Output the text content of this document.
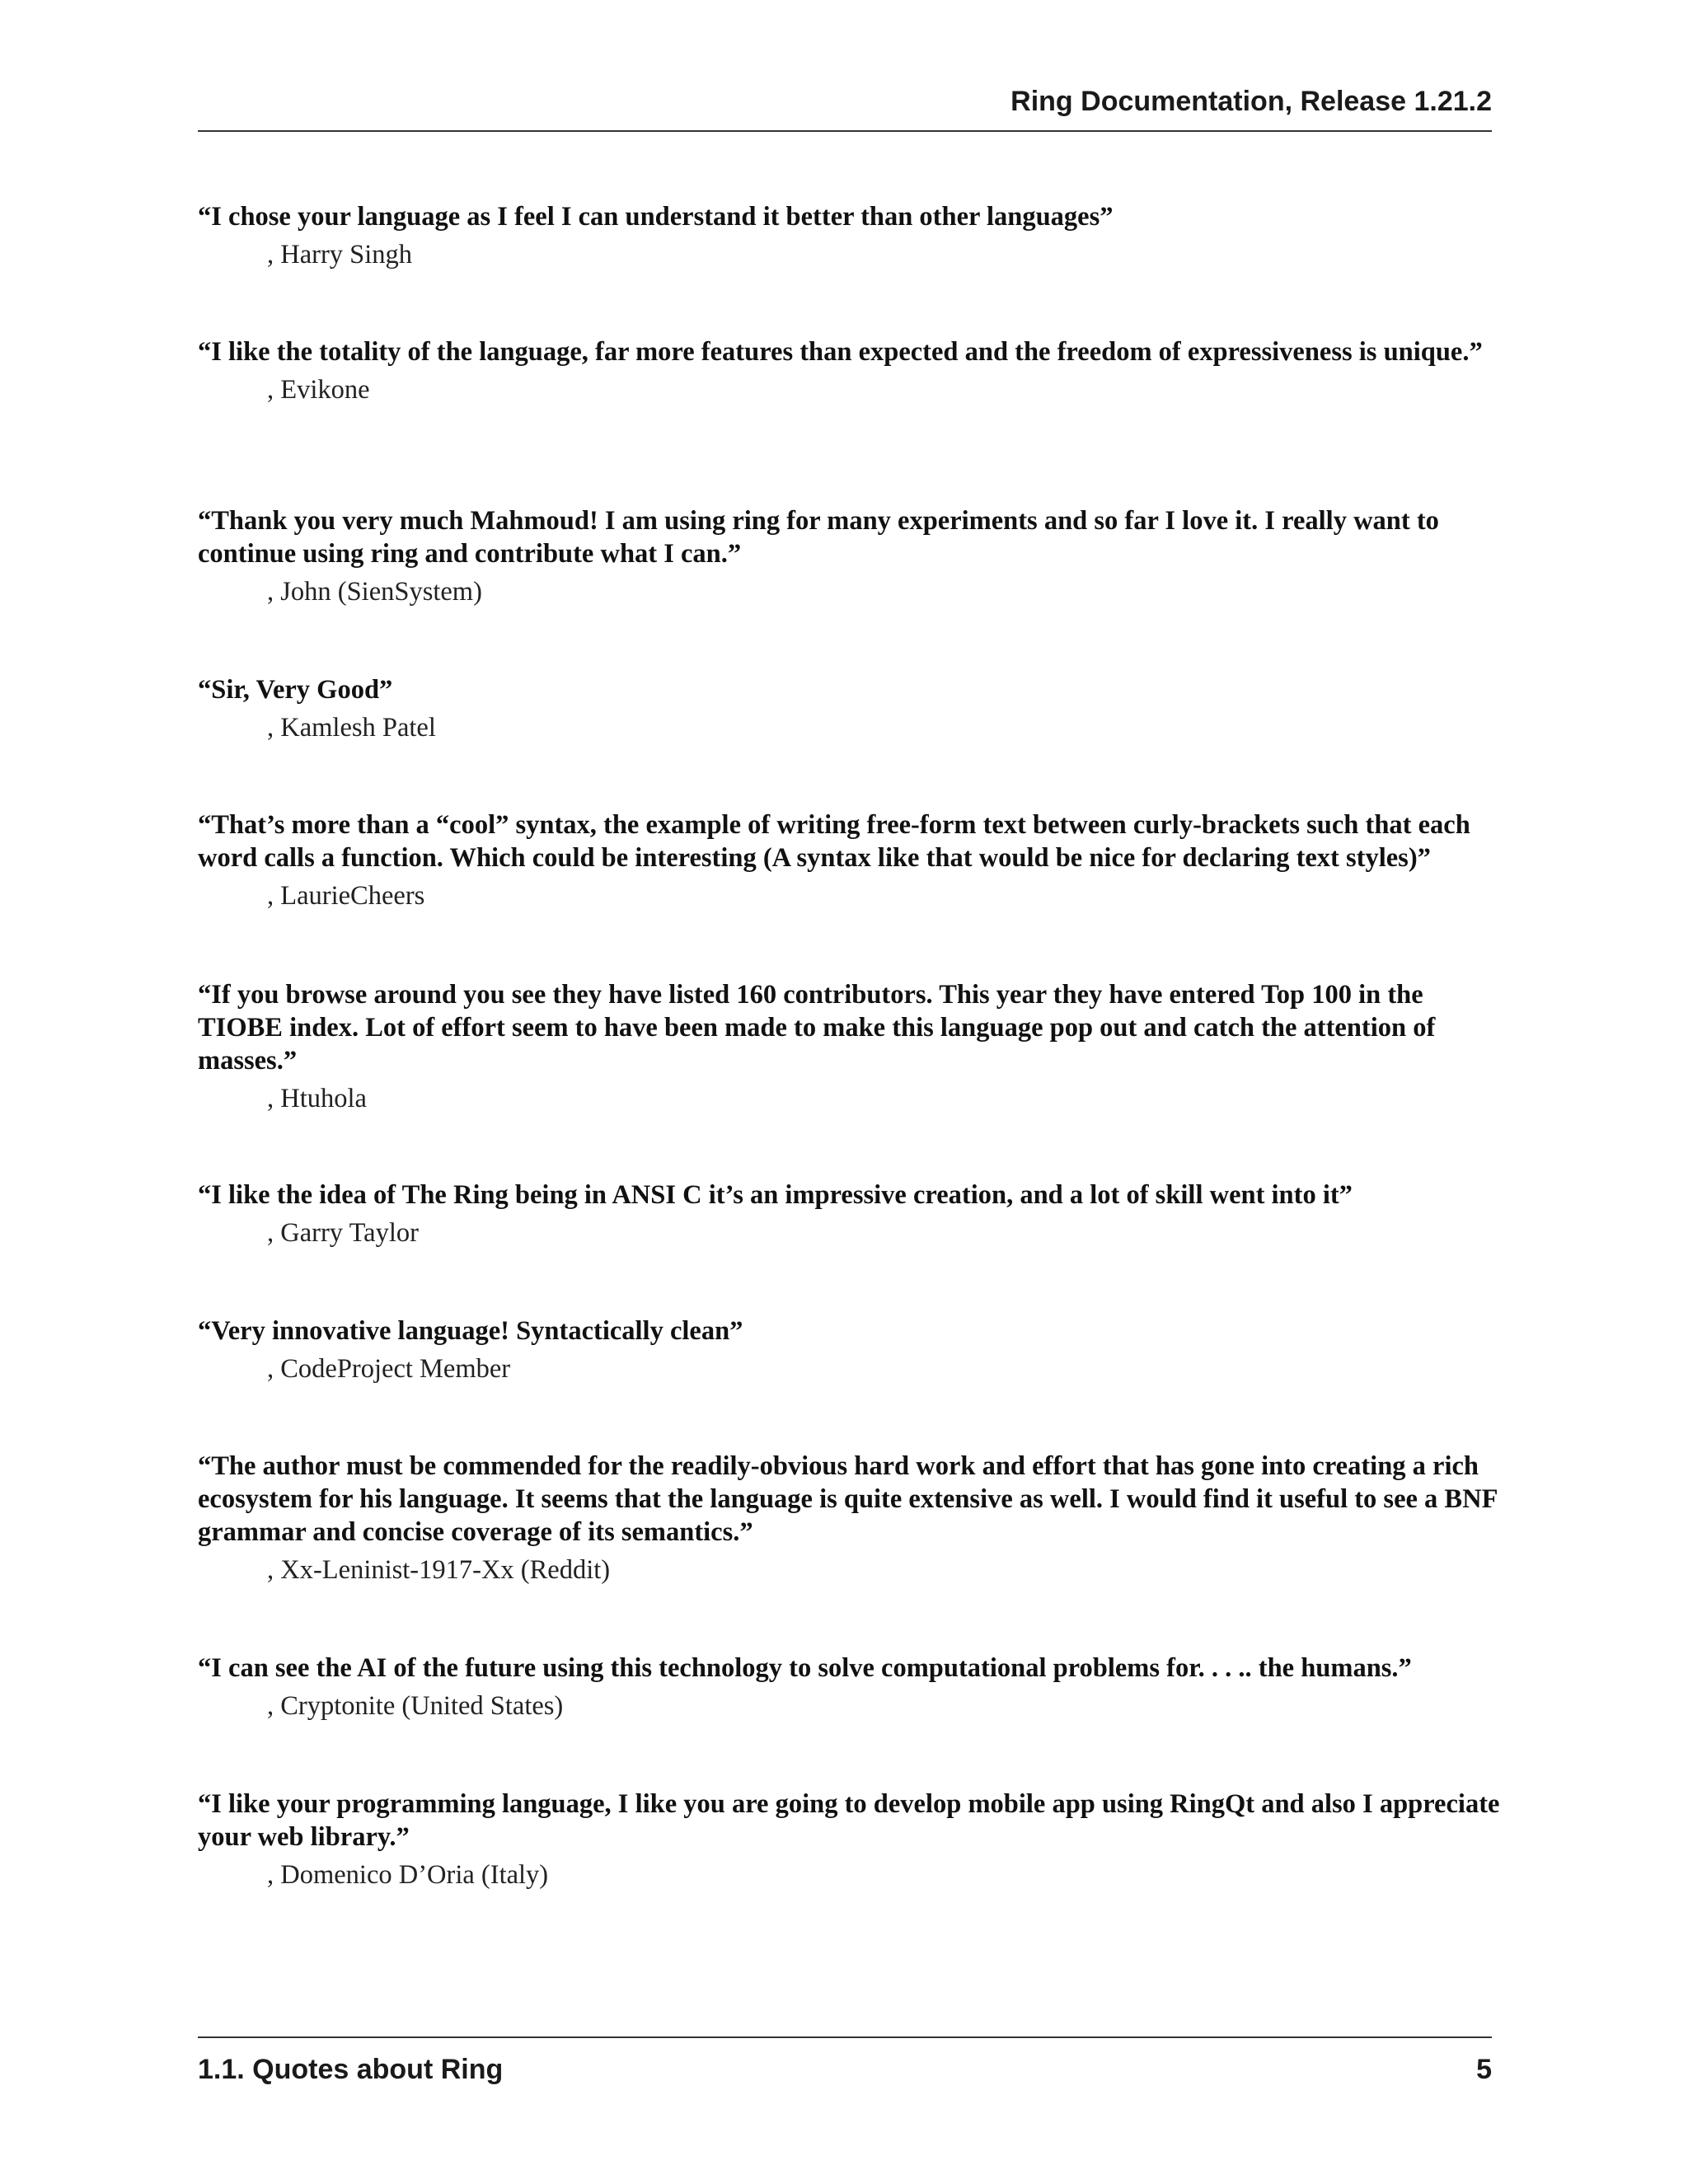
Ring Documentation, Release 1.21.2

“I chose your language as I feel I can understand it better than other languages”

, Harry Singh

“I like the totality of the language, far more features than expected and the freedom of expressiveness is unique.”

, Evikone

“Thank you very much Mahmoud! I am using ring for many experiments and so far I love it. I really want to continue using ring and contribute what I can.”

, John (SienSystem)

“Sir, Very Good”

, Kamlesh Patel

“That’s more than a “cool” syntax, the example of writing free-form text between curly-brackets such that each word calls a function. Which could be interesting (A syntax like that would be nice for declaring text styles)”

, LaurieCheers

“If you browse around you see they have listed 160 contributors. This year they have entered Top 100 in the TIOBE index. Lot of effort seem to have been made to make this language pop out and catch the attention of masses.”

, Htuhola

“I like the idea of The Ring being in ANSI C it’s an impressive creation, and a lot of skill went into it”

, Garry Taylor

“Very innovative language! Syntactically clean”

, CodeProject Member

“The author must be commended for the readily-obvious hard work and effort that has gone into creating a rich ecosystem for his language. It seems that the language is quite extensive as well. I would find it useful to see a BNF grammar and concise coverage of its semantics.”

, Xx-Leninist-1917-Xx (Reddit)

“I can see the AI of the future using this technology to solve computational problems for. . . .. the humans.”

, Cryptonite (United States)

“I like your programming language, I like you are going to develop mobile app using RingQt and also I appreciate your web library.”

, Domenico D’Oria (Italy)

1.1. Quotes about Ring	5
